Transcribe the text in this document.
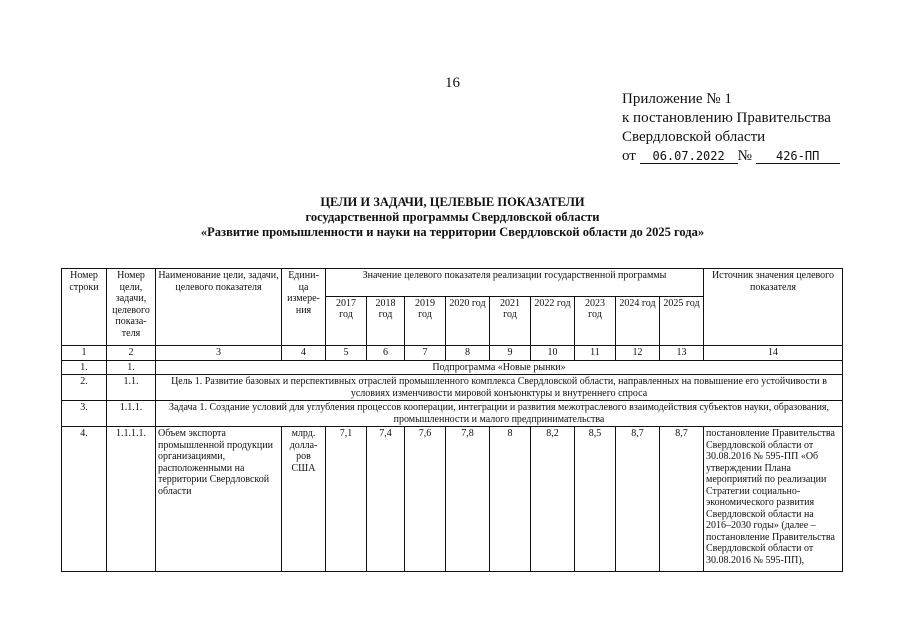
16
Приложение № 1
к постановлению Правительства
Свердловской области
от 06.07.2022 № 426-ПП
ЦЕЛИ И ЗАДАЧИ, ЦЕЛЕВЫЕ ПОКАЗАТЕЛИ
государственной программы Свердловской области
«Развитие промышленности и науки на территории Свердловской области до 2025 года»
Номер строки	Номер цели, задачи, целевого показа-теля	Наименование цели, задачи, целевого показателя	Едини-ца измере-ния	Значение целевого показателя реализации государственной программы									Источник значения целевого показателя
				2017 год	2018 год	2019 год	2020 год	2021 год	2022 год	2023 год	2024 год	2025 год	
1	2	3	4	5	6	7	8	9	10	11	12	13	14
1.	1.	Подпрограмма «Новые рынки»											
2.	1.1.	Цель 1. Развитие базовых и перспективных отраслей промышленного комплекса Свердловской области, направленных на повышение его устойчивости в условиях изменчивости мировой конъюнктуры и внутреннего спроса											
3.	1.1.1.	Задача 1. Создание условий для углубления процессов кооперации, интеграции и развития межотраслевого взаимодействия субъектов науки, образования, промышленности и малого предпринимательства											
4.	1.1.1.1.	Объем экспорта промышленной продукции организациями, расположенными на территории Свердловской области	млрд. долла-ров США	7,1	7,4	7,6	7,8	8	8,2	8,5	8,7	8,7	постановление Правительства Свердловской области от 30.08.2016 № 595-ПП «Об утверждении Плана мероприятий по реализации Стратегии социально-экономического развития Свердловской области на 2016–2030 годы» (далее – постановление Правительства Свердловской области от 30.08.2016 № 595-ПП),
